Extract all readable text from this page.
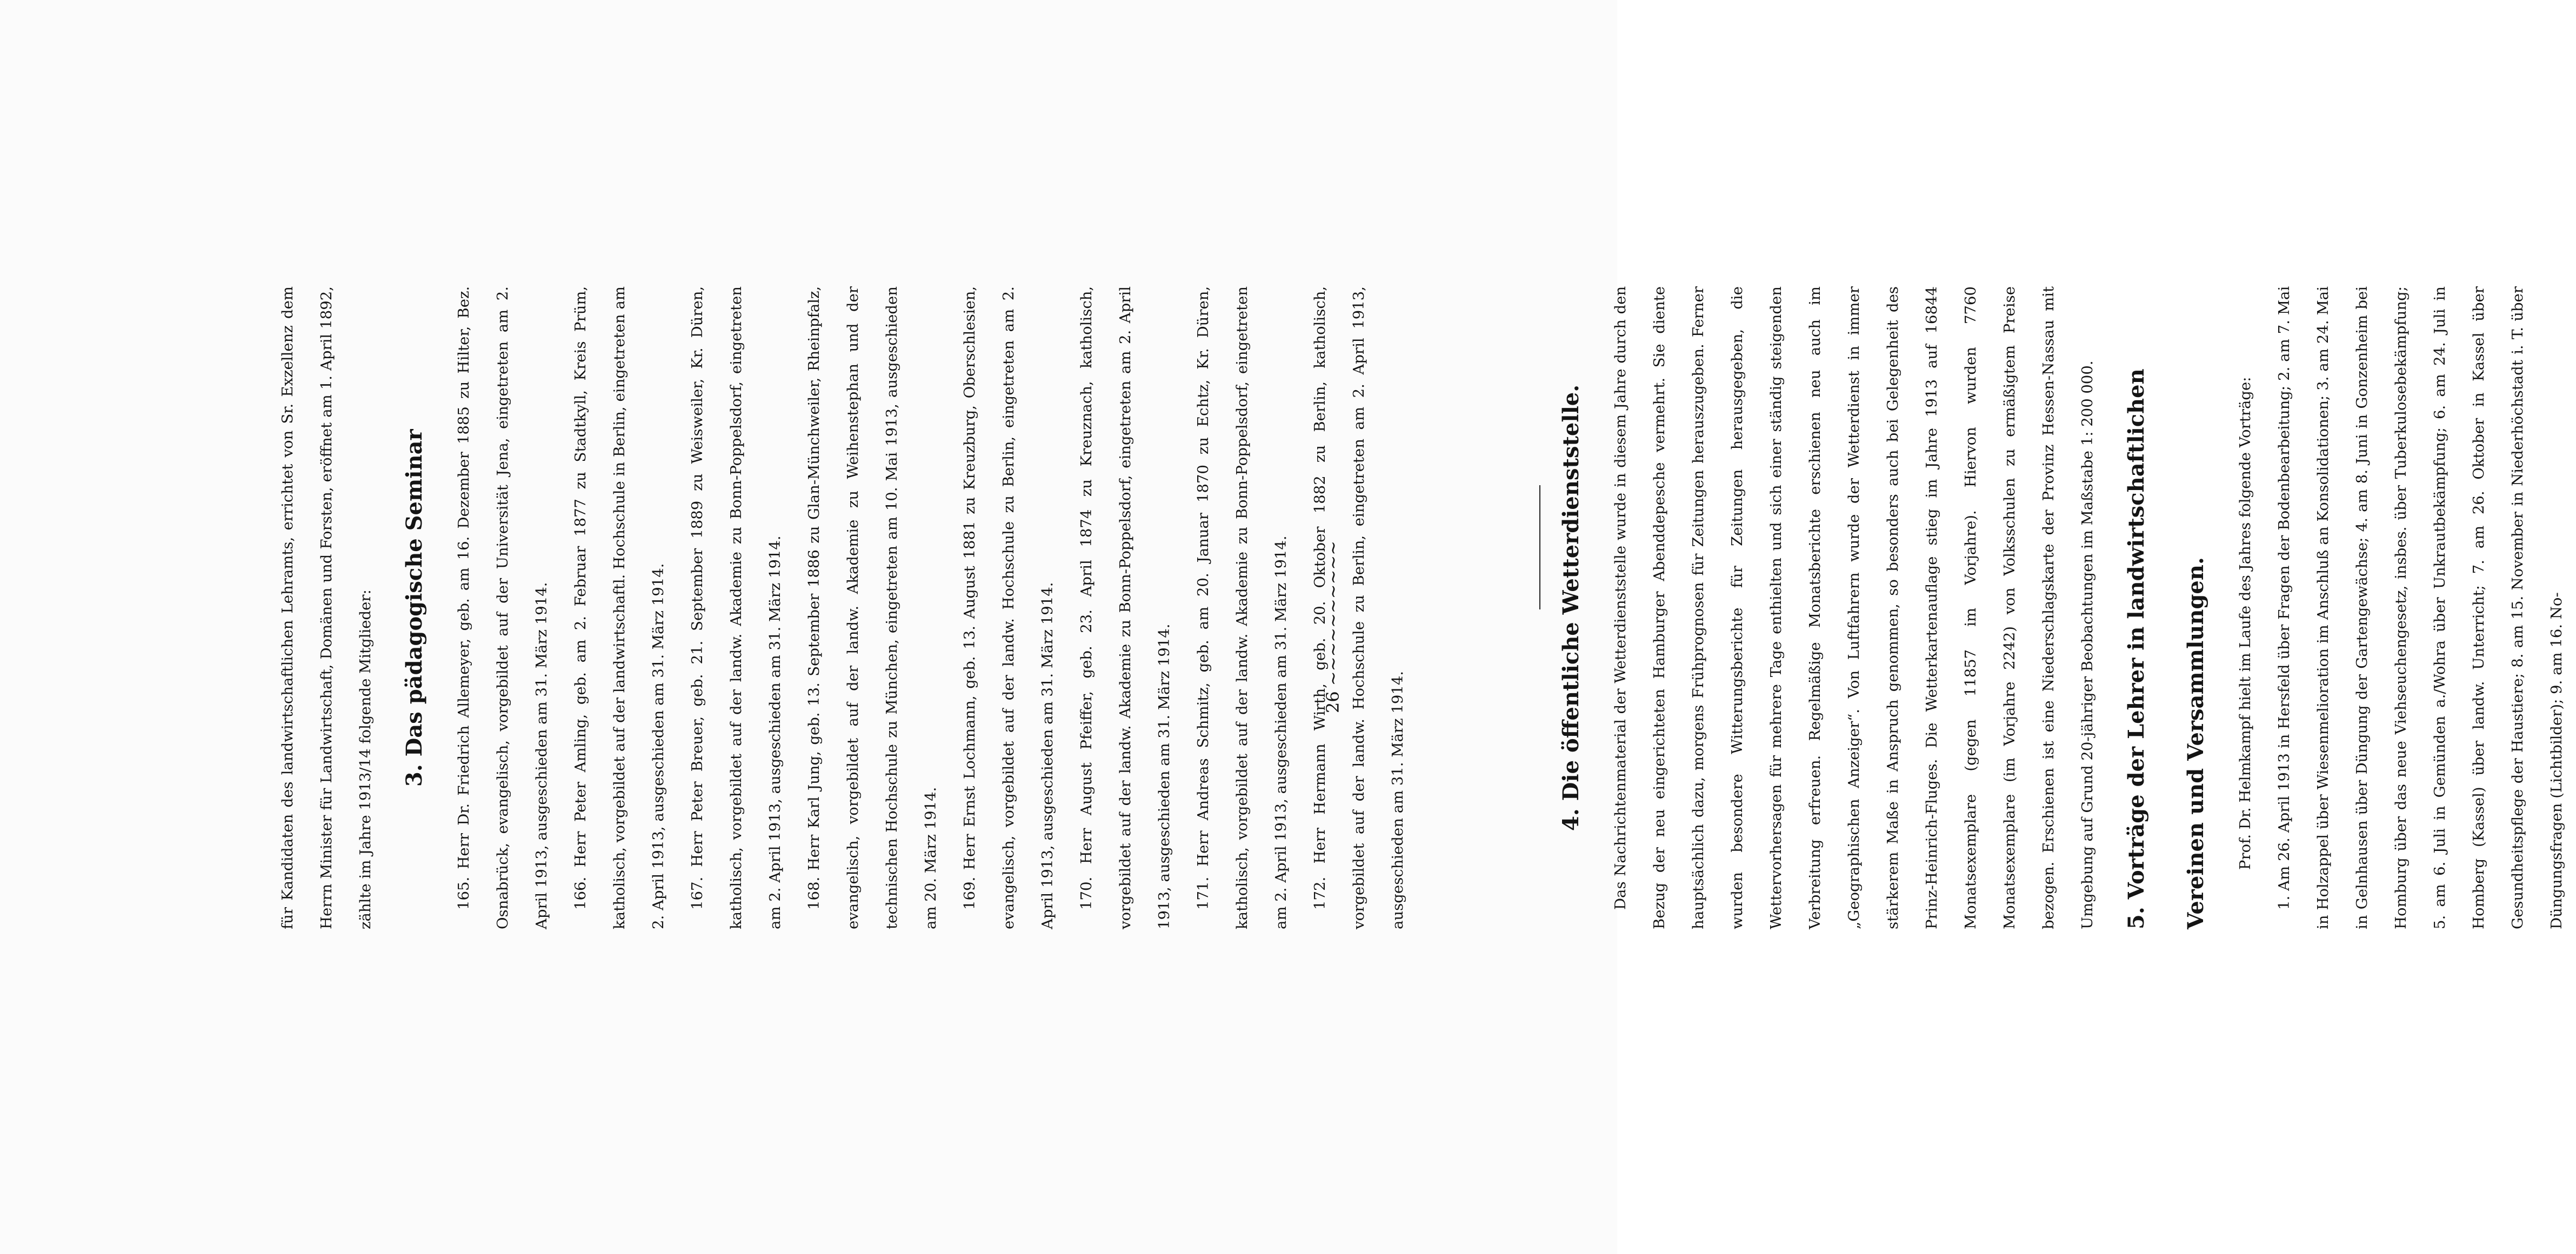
26 ~~~~~~~~~~

für Kandidaten des landwirtschaftlichen Lehramts, errichtet von Sr. Exzellenz dem Herrn Minister für Landwirtschaft, Domänen und Forsten, eröffnet am 1. April 1892, zählte im Jahre 1913/14 folgende Mitglieder:	3. Das pädagogische Seminar	165. Herr Dr. Friedrich Allemeyer, geb. am 16. Dezember 1885 zu Hilter, Bez. Osnabrück, evangelisch, vorgebildet auf der Universität Jena, eingetreten am 2. April 1913, ausgeschieden am 31. März 1914.	166. Herr Peter Amling, geb. am 2. Februar 1877 zu Stadtkyll, Kreis Prüm, katholisch, vorgebildet auf der landwirtschaftl. Hochschule in Berlin, eingetreten am 2. April 1913, ausgeschieden am 31. März 1914.	167. Herr Peter Breuer, geb. 21. September 1889 zu Weisweiler, Kr. Düren, katholisch, vorgebildet auf der landw. Akademie zu Bonn-Poppelsdorf, eingetreten am 2. April 1913, ausgeschieden am 31. März 1914.	168. Herr Karl Jung, geb. 13. September 1886 zu Glan-Münchweiler, Rheinpfalz, evangelisch, vorgebildet auf der landw. Akademie zu Weihenstephan und der technischen Hochschule zu München, eingetreten am 10. Mai 1913, ausgeschieden am 20. März 1914.	169. Herr Ernst Lochmann, geb. 13. August 1881 zu Kreuzburg, Oberschlesien, evangelisch, vorgebildet auf der landw. Hochschule zu Berlin, eingetreten am 2. April 1913, ausgeschieden am 31. März 1914.	170. Herr August Pfeiffer, geb. 23. April 1874 zu Kreuznach, katholisch, vorgebildet auf der landw. Akademie zu Bonn-Poppelsdorf, eingetreten am 2. April 1913, ausgeschieden am 31. März 1914.	171. Herr Andreas Schmitz, geb. am 20. Januar 1870 zu Echtz, Kr. Düren, katholisch, vorgebildet auf der landw. Akademie zu Bonn-Poppelsdorf, eingetreten am 2. April 1913, ausgeschieden am 31. März 1914.	172. Herr Hermann Wirth, geb. 20. Oktober 1882 zu Berlin, katholisch, vorgebildet auf der landw. Hochschule zu Berlin, eingetreten am 2. April 1913, ausgeschieden am 31. März 1914.	4. Die öffentliche Wetterdienststelle.	Das Nachrichtenmaterial der Wetterdienststelle wurde in diesem Jahre durch den Bezug der neu eingerichteten Hamburger Abenddepesche vermehrt. Sie diente hauptsächlich dazu, morgens Frühprognosen für Zeitungen herauszugeben. Ferner wurden besondere Witterungsberichte für Zeitungen herausgegeben, die Wettervorhersagen für mehrere Tage enthielten und sich einer ständig steigenden Verbreitung erfreuen. Regelmäßige Monatsberichte erschienen neu auch im „Geographischen Anzeiger“. Von Luftfahrern wurde der Wetterdienst in immer stärkerem Maße in Anspruch genommen, so besonders auch bei Gelegenheit des Prinz-Heinrich-Fluges. Die Wetterkartenauflage stieg im Jahre 1913 auf 16844 Monatsexemplare (gegen 11857 im Vorjahre). Hiervon wurden 7760 Monatsexemplare (im Vorjahre 2242) von Volksschulen zu ermäßigtem Preise bezogen. Erschienen ist eine Niederschlagskarte der Provinz Hessen-Nassau mit Umgebung auf Grund 20-jähriger Beobachtungen im Maßstabe 1: 200 000.	5. Vorträge der Lehrer in landwirtschaftlichen Vereinen und Versammlungen.	Prof. Dr. Helmkampf hielt im Laufe des Jahres folgende Vorträge:	1. Am 26. April 1913 in Hersfeld über Fragen der Bodenbearbeitung; 2. am 7. Mai in Holzappel über Wiesenmelioration im Anschluß an Konsolidationen; 3. am 24. Mai in Gelnhausen über Düngung der Gartengewächse; 4. am 8. Juni in Gonzenheim bei Homburg über das neue Viehseuchengesetz, insbes. über Tuberkulosebekämpfung; 5. am 6. Juli in Gemünden a./Wohra über Unkrautbekämpfung; 6. am 24. Juli in Homberg (Kassel) über landw. Unterricht; 7. am 26. Oktober in Kassel über Gesundheitspflege der Haustiere; 8. am 15. November in Niederhöchstadt i. T. über Düngungsfragen (Lichtbilder); 9. am 16. No-
